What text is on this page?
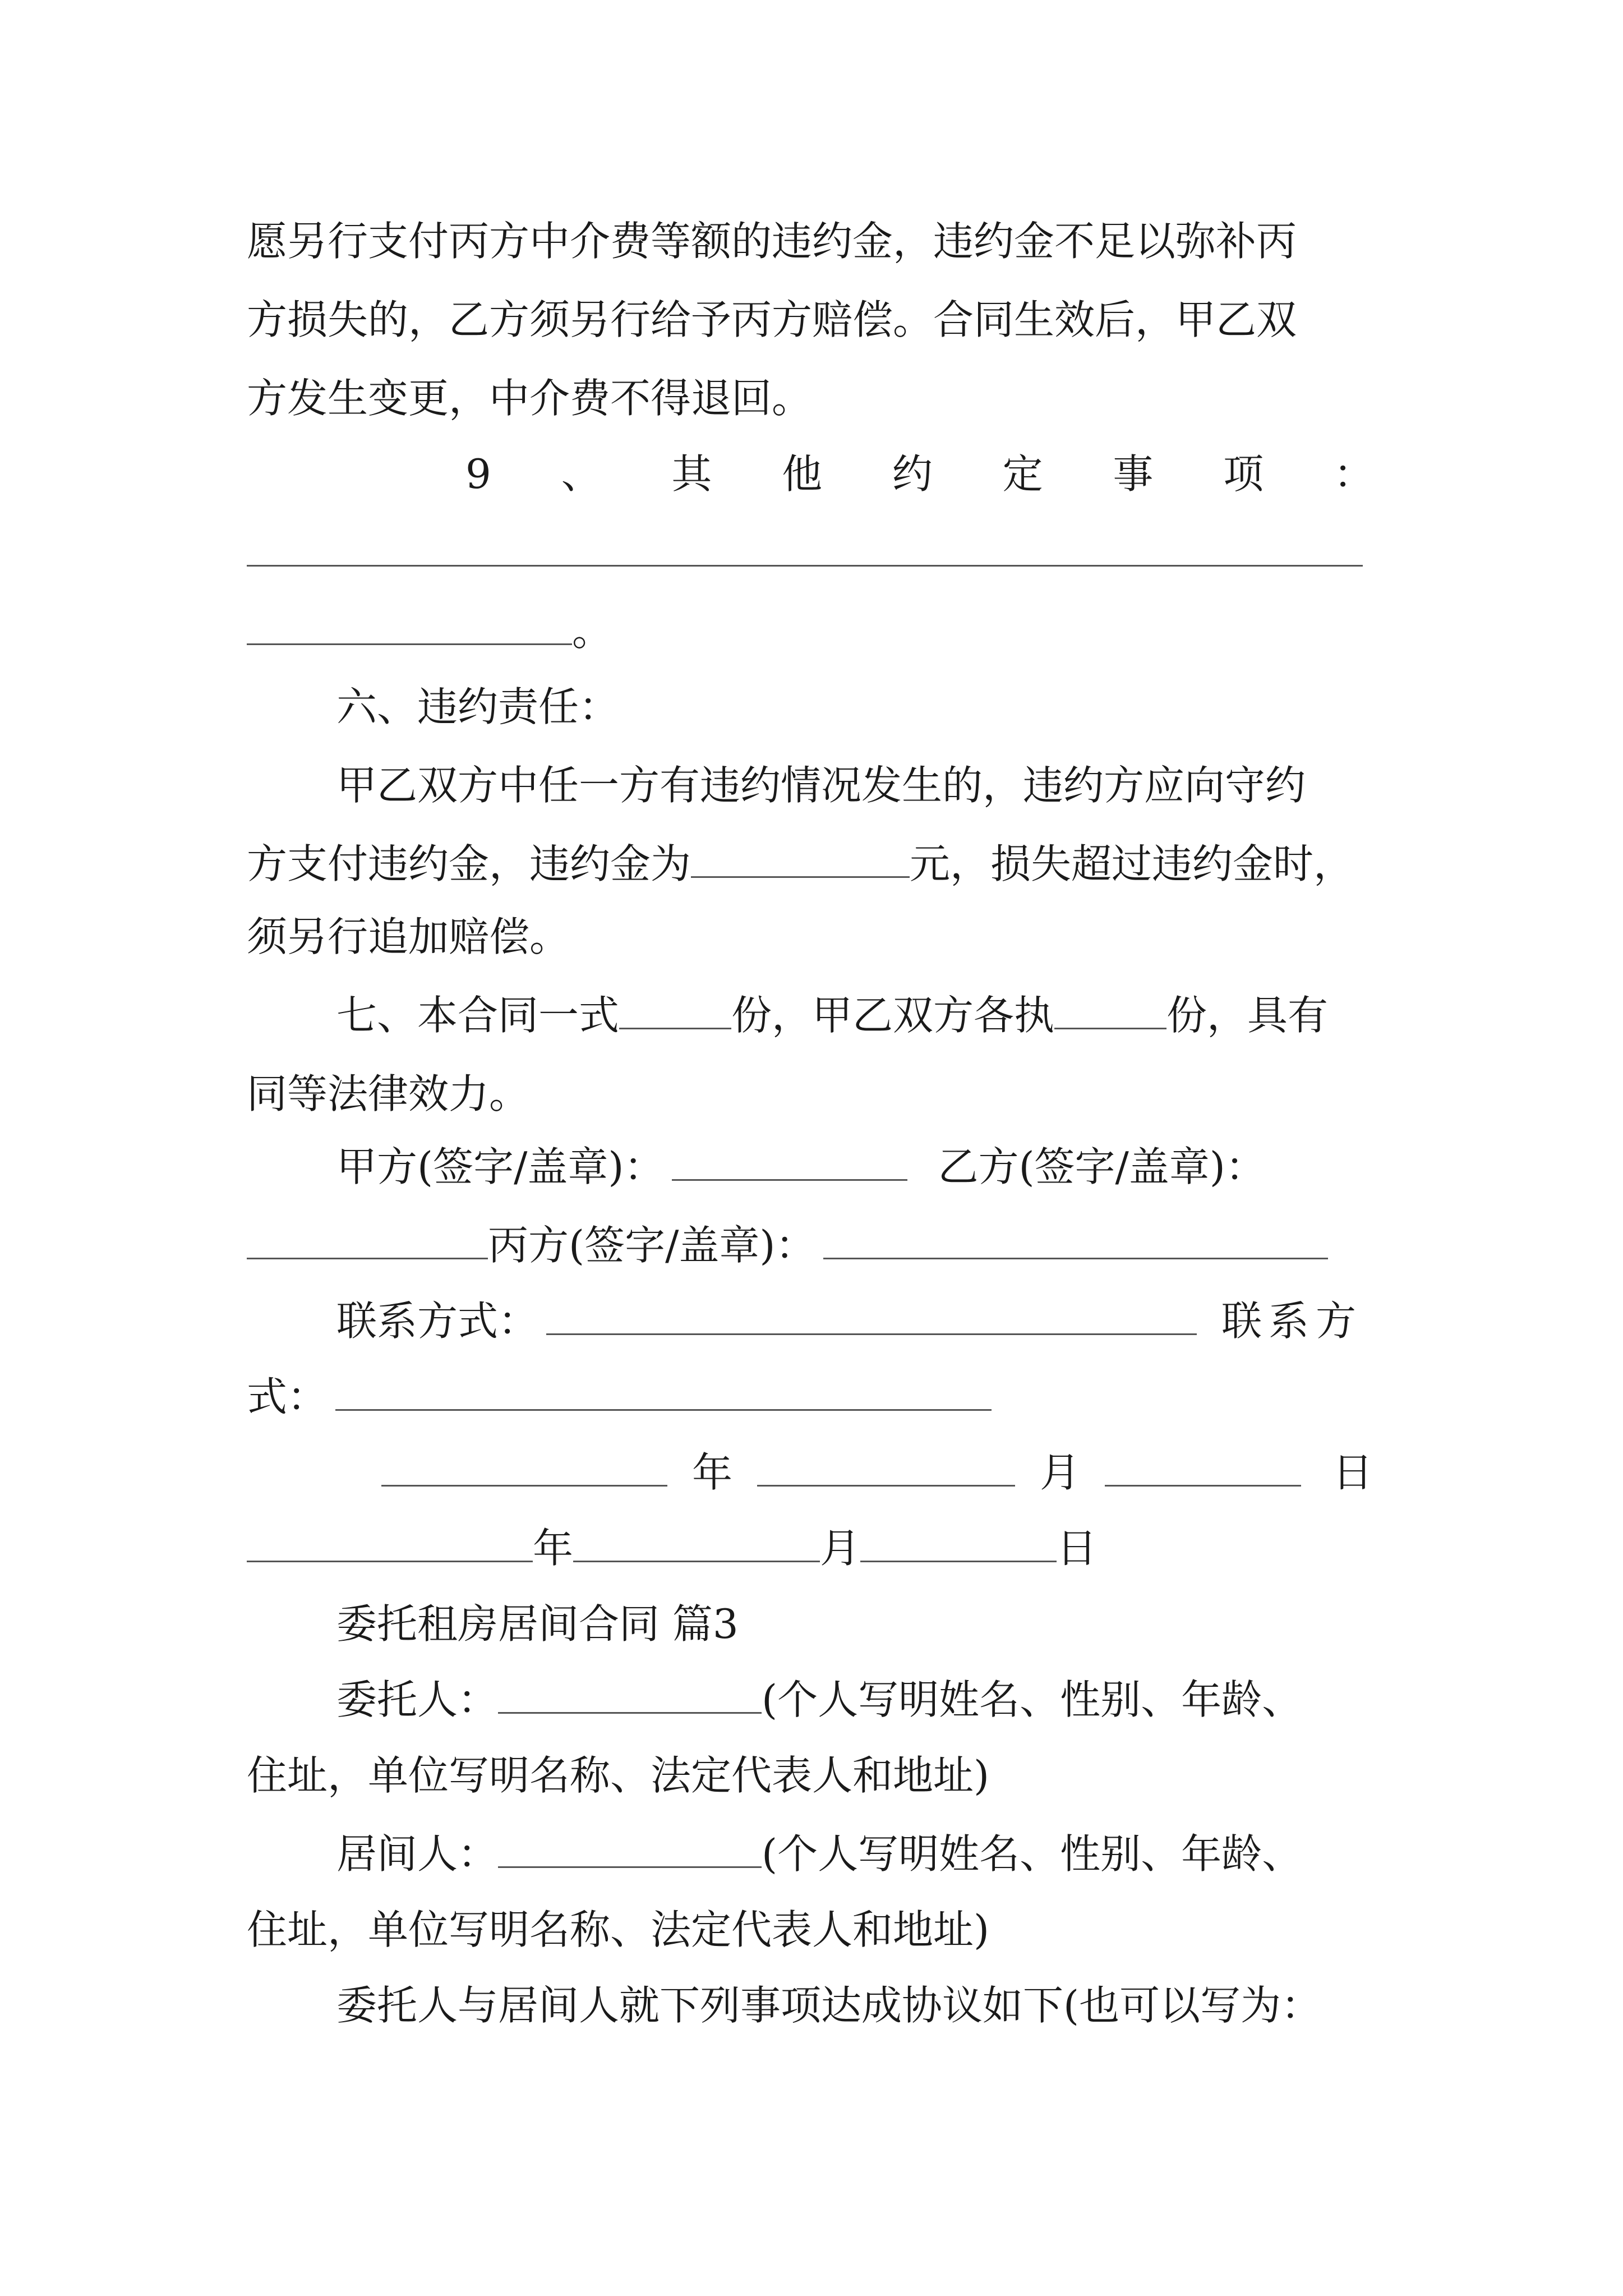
愿另行支付丙方中介费等额的违约金，违约金不足以弥补丙
方损失的，乙方须另行给予丙方赔偿。合同生效后，甲乙双
方发生变更，中介费不得退回。
9 、 其 他 约 定 事 项 ：
。
六、违约责任：
甲乙双方中任一方有违约情况发生的，违约方应向守约
方支付违约金，违约金为	元，损失超过违约金时，
须另行追加赔偿。
七、本合同一式	份，甲乙双方各执	份，具有
同等法律效力。
甲方(签字/盖章)：	乙方(签字/盖章)：
丙方(签字/盖章)：
联系方式：	联系方
式：
年	月	日
年	月	日
委托租房居间合同 篇3
委托人：	(个人写明姓名、性别、年龄、
住址，单位写明名称、法定代表人和地址)
居间人：	(个人写明姓名、性别、年龄、
住址，单位写明名称、法定代表人和地址)
委托人与居间人就下列事项达成协议如下(也可以写为：
